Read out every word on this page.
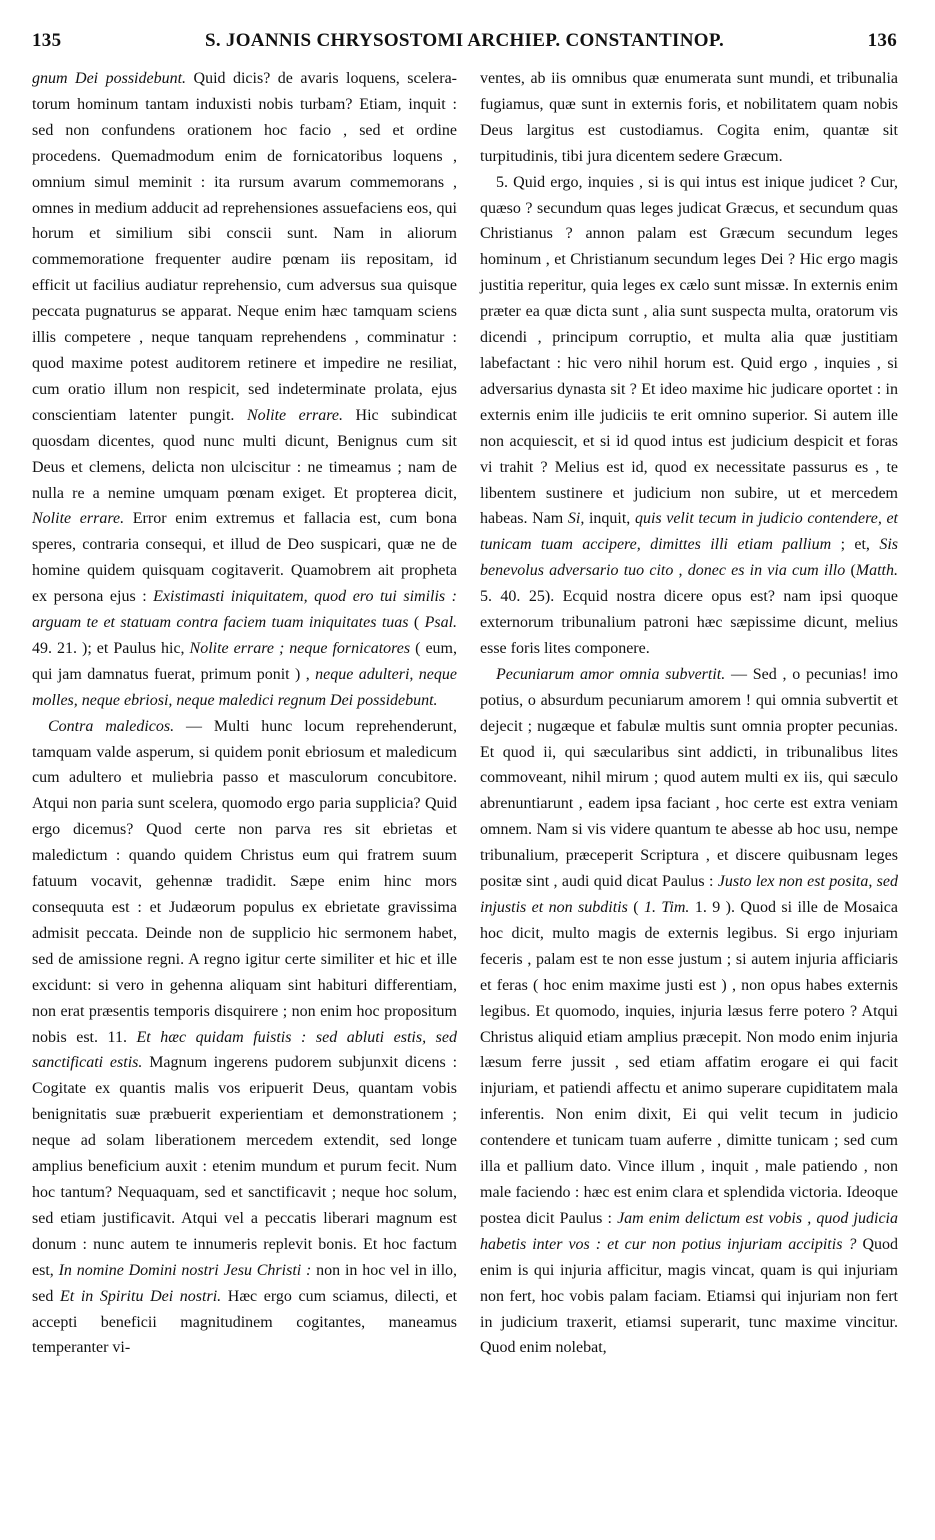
135	S. JOANNIS CHRYSOSTOMI ARCHIEP. CONSTANTINOP.	136

gnum Dei possidebunt. Quid dicis? de avaris loquens, sceleratorum hominum tantam induxisti nobis turbam? Etiam, inquit : sed non confundens orationem hoc facio , sed et ordine procedens. Quemadmodum enim de fornicatoribus loquens , omnium simul meminit : ita rursum avarum commemorans , omnes in medium adducit ad reprehensiones assuefaciens eos, qui horum et similium sibi conscii sunt. Nam in aliorum commemoratione frequenter audire pœnam iis repositam, id efficit ut facilius audiatur reprehensio, cum adversus sua quisque peccata pugnaturus se apparat. Neque enim hæc tamquam sciens illis competere , neque tanquam reprehendens , comminatur : quod maxime potest auditorem retinere et impedire ne resiliat, cum oratio illum non respicit, sed indeterminate prolata, ejus conscientiam latenter pungit. Nolite errare. Hic subindicat quosdam dicentes, quod nunc multi dicunt, Benignus cum sit Deus et clemens, delicta non ulciscitur : ne timeamus ; nam de nulla re a nemine umquam pœnam exiget. Et propterea dicit, Nolite errare. Error enim extremus et fallacia est, cum bona speres, contraria consequi, et illud de Deo suspicari, quæ ne de homine quidem quisquam cogitaverit. Quamobrem ait propheta ex persona ejus : Existimasti iniquitatem, quod ero tui similis : arguam te et statuam contra faciem tuam iniquitates tuas ( Psal. 49. 21. ); et Paulus hic, Nolite errare ; neque fornicatores ( eum, qui jam damnatus fuerat, primum ponit ) , neque adulteri, neque molles, neque ebriosi, neque maledici regnum Dei possidebunt.

Contra maledicos. — Multi hunc locum reprehenderunt, tamquam valde asperum, si quidem ponit ebriosum et maledicum cum adultero et muliebria passo et masculorum concubitore. Atqui non paria sunt scelera, quomodo ergo paria supplicia? Quid ergo dicemus? Quod certe non parva res sit ebrietas et maledictum : quando quidem Christus eum qui fratrem suum fatuum vocavit, gehennæ tradidit. Sæpe enim hinc mors consequuta est : et Judæorum populus ex ebrietate gravissima admisit peccata. Deinde non de supplicio hic sermonem habet, sed de amissione regni. A regno igitur certe similiter et hic et ille excidunt: si vero in gehenna aliquam sint habituri differentiam, non erat præsentis temporis disquirere ; non enim hoc propositum nobis est. 11. Et hæc quidam fuistis : sed abluti estis, sed sanctificati estis. Magnum ingerens pudorem subjunxit dicens : Cogitate ex quantis malis vos eripuerit Deus, quantam vobis benignitatis suæ præbuerit experientiam et demonstrationem ; neque ad solam liberationem mercedem extendit, sed longe amplius beneficium auxit : etenim mundum et purum fecit. Num hoc tantum? Nequaquam, sed et sanctificavit ; neque hoc solum, sed etiam justificavit. Atqui vel a peccatis liberari magnum est donum : nunc autem te innumeris replevit bonis. Et hoc factum est, In nomine Domini nostri Jesu Christi : non in hoc vel in illo, sed Et in Spiritu Dei nostri. Hæc ergo cum sciamus, dilecti, et accepti beneficii magnitudinem cogitantes, maneamus temperanter vi-

ventes, ab iis omnibus quæ enumerata sunt mundi, et tribunalia fugiamus, quæ sunt in externis foris, et nobilitatem quam nobis Deus largitus est custodiamus. Cogita enim, quantæ sit turpitudinis, tibi jura dicentem sedere Græcum.

5. Quid ergo, inquies , si is qui intus est inique judicet ? Cur, quæso ? secundum quas leges judicat Græcus, et secundum quas Christianus ? annon palam est Græcum secundum leges hominum , et Christianum secundum leges Dei ? Hic ergo magis justitia reperitur, quia leges ex cælo sunt missæ. In externis enim præter ea quæ dicta sunt , alia sunt suspecta multa, oratorum vis dicendi , principum corruptio, et multa alia quæ justitiam labefactant : hic vero nihil horum est. Quid ergo , inquies , si adversarius dynasta sit ? Et ideo maxime hic judicare oportet : in externis enim ille judiciis te erit omnino superior. Si autem ille non acquiescit, et si id quod intus est judicium despicit et foras vi trahit ? Melius est id, quod ex necessitate passurus es , te libentem sustinere et judicium non subire, ut et mercedem habeas. Nam Si, inquit, quis velit tecum in judicio contendere, et tunicam tuam accipere, dimittes illi etiam pallium ; et, Sis benevolus adversario tuo cito , donec es in via cum illo (Matth. 5. 40. 25). Ecquid nostra dicere opus est? nam ipsi quoque externorum tribunalium patroni hæc sæpissime dicunt, melius esse foris lites componere.

Pecuniarum amor omnia subvertit. — Sed , o pecunias! imo potius, o absurdum pecuniarum amorem ! qui omnia subvertit et dejecit ; nugæque et fabulæ multis sunt omnia propter pecunias. Et quod ii, qui sæcularibus sint addicti, in tribunalibus lites commoveant, nihil mirum ; quod autem multi ex iis, qui sæculo abrenuntiarunt , eadem ipsa faciant , hoc certe est extra veniam omnem. Nam si vis videre quantum te abesse ab hoc usu, nempe tribunalium, præceperit Scriptura , et discere quibusnam leges positæ sint , audi quid dicat Paulus : Justo lex non est posita, sed injustis et non subditis ( 1. Tim. 1. 9 ). Quod si ille de Mosaica hoc dicit, multo magis de externis legibus. Si ergo injuriam feceris , palam est te non esse justum ; si autem injuria afficiaris et feras ( hoc enim maxime justi est ) , non opus habes externis legibus. Et quomodo, inquies, injuria læsus ferre potero ? Atqui Christus aliquid etiam amplius præcepit. Non modo enim injuria læsum ferre jussit , sed etiam affatim erogare ei qui facit injuriam, et patiendi affectu et animo superare cupiditatem mala inferentis. Non enim dixit, Ei qui velit tecum in judicio contendere et tunicam tuam auferre , dimitte tunicam ; sed cum illa et pallium dato. Vince illum , inquit , male patiendo , non male faciendo : hæc est enim clara et splendida victoria. Ideoque postea dicit Paulus : Jam enim delictum est vobis , quod judicia habetis inter vos : et cur non potius injuriam accipitis ? Quod enim is qui injuria afficitur, magis vincat, quam is qui injuriam non fert, hoc vobis palam faciam. Etiamsi qui injuriam non fert in judicium traxerit, etiamsi superarit, tunc maxime vincitur. Quod enim nolebat,
